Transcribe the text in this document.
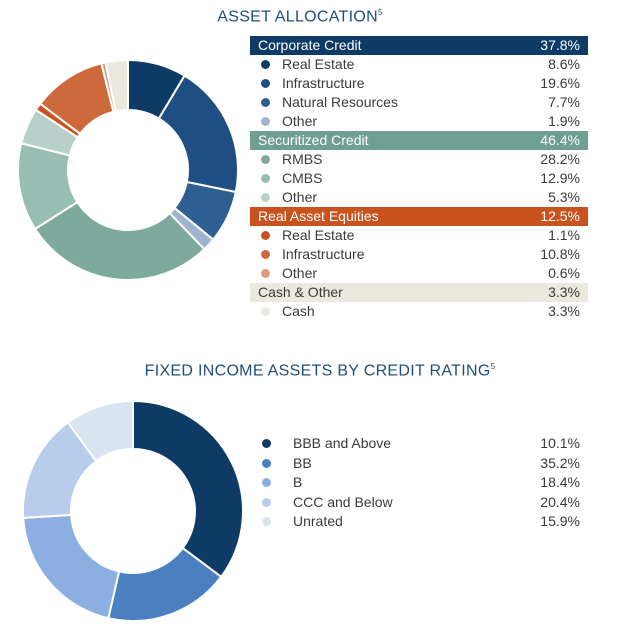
ASSET ALLOCATION$^5$
Corporate Credit	37.8%
Real Estate	8.6%
Infrastructure	19.6%
Natural Resources	7.7%
Other	1.9%
Securitized Credit	46.4%
RMBS	28.2%
CMBS	12.9%
Other	5.3%
Real Asset Equities	12.5%
Real Estate	1.1%
Infrastructure	10.8%
Other	0.6%
Cash & Other	3.3%
Cash	3.3%
FIXED INCOME ASSETS BY CREDIT RATING$^5$
BBB and Above	10.1%
BB	35.2%
B	18.4%
CCC and Below	20.4%
Unrated	15.9%
